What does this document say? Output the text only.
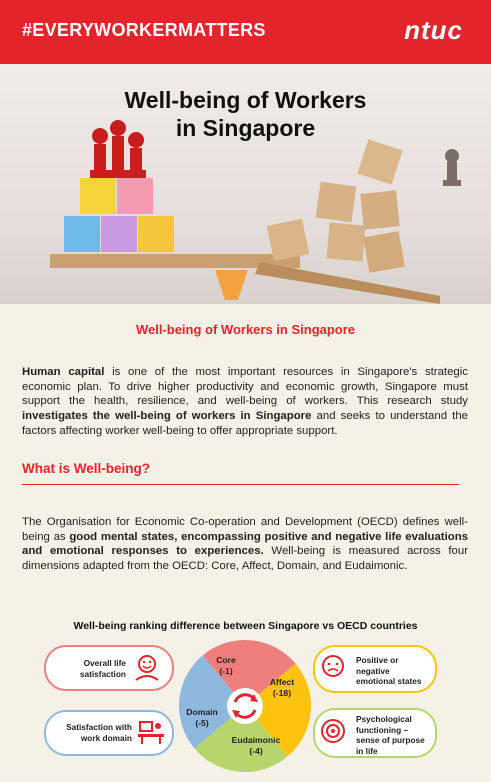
#EVERYWORKERMATTERS	ntuc
Well-being of Workers
in Singapore
Well-being of Workers in Singapore
Human capital is one of the most important resources in Singapore's strategic economic plan. To drive higher productivity and economic growth, Singapore must support the health, resilience, and well-being of workers. This research study investigates the well-being of workers in Singapore and seeks to understand the factors affecting worker well-being to offer appropriate support.
What is Well-being?
The Organisation for Economic Co-operation and Development (OECD) defines well-being as good mental states, encompassing positive and negative life evaluations and emotional responses to experiences. Well-being is measured across four dimensions adapted from the OECD: Core, Affect, Domain, and Eudaimonic.
Well-being ranking difference between Singapore vs OECD countries
Overall life
satisfaction
Satisfaction with
work domain
Positive or
negative
emotional states
Psychological
functioning –
sense of purpose
in life
Core
(-1)
Affect
(-18)
Eudaimonic
(-4)
Domain
(-5)
